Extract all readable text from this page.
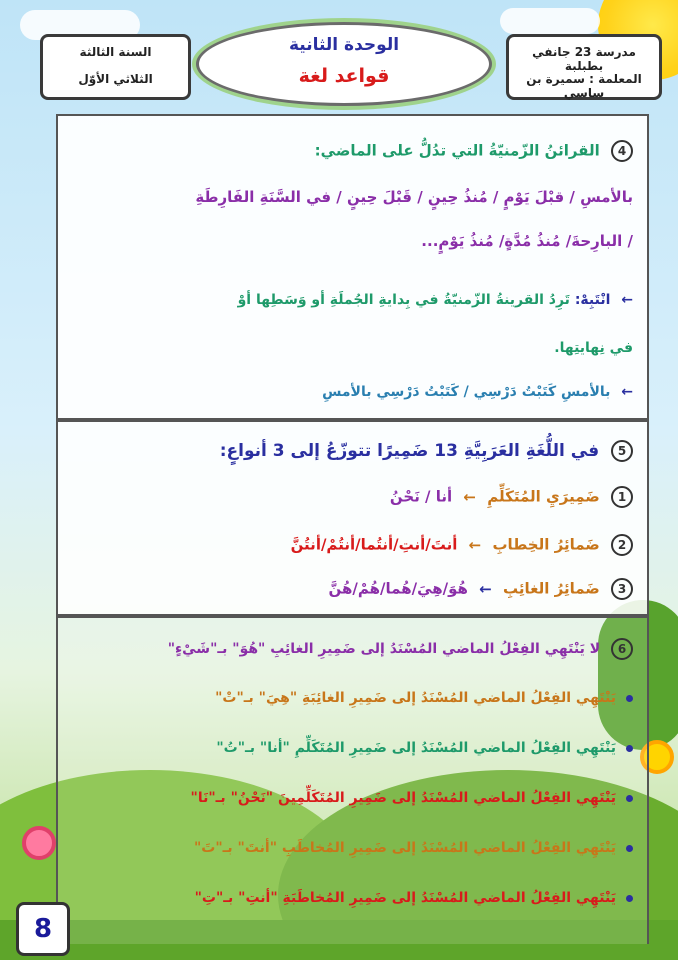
السنة الثالثة
الثلاثي الأوّل
الوحدة الثانية
قواعد لغة
مدرسة 23 جانفي بطبلبة
المعلمة : سميرة بن ساسي
4 القرائنُ الزّمنيّةُ التي تدُلُّ على الماضي:
بالأمسِ / قبْلَ يَوْمٍ / مُنذُ حِينٍ / قَبْلَ حِينٍ / في السَّنَةِ الفَارِطَةِ
/ البارِحةَ/ مُنذُ مُدَّةٍ/ مُنذُ يَوْمٍ...
← انْتَبِهْ: تَرِدُ القرينةُ الزّمنيّةُ في بِدايةِ الجُملَةِ أو وَسَطِها أوْ
في نِهايتِها.
← بالأمسِ كَتَبْتُ دَرْسِي / كَتَبْتُ دَرْسِي بالأمسِ
5 في اللُّغَةِ العَرَبِيَّةِ 13 ضَمِيرًا تتوزّعُ إلى 3 أنواعٍ:
1 ضَمِيرَيِ المُتَكَلِّمِ ← أنا / نَحْنُ
2 ضَمائِرُ الخِطابِ ← أنتَ/أنتِ/أنتُما/أنتُمْ/أنتُنَّ
3 ضَمائِرُ الغائِبِ ← هُوَ/هِيَ/هُما/هُمْ/هُنَّ
6 لا يَنْتَهِي الفِعْلُ الماضي المُسْنَدُ إلى ضَمِيرِ الغائِبِ "هُوَ" بـ"شَيْءٍ"
يَنْتَهِي الفِعْلُ الماضي المُسْنَدُ إلى ضَمِيرِ الغائِبَةِ "هِيَ" بـ"تْ"
يَنْتَهِي الفِعْلُ الماضي المُسْنَدُ إلى ضَمِيرِ المُتَكَلِّمِ "أنا" بـ"تُ"
يَنْتَهِي الفِعْلُ الماضي المُسْنَدُ إلى ضَمِيرِ المُتَكَلِّمِينَ "نَحْنُ" بـ"نَا"
يَنْتَهِي الفِعْلُ الماضي المُسْنَدُ إلى ضَمِيرِ المُخاطَبِ "أنتَ" بـ"تَ"
يَنْتَهِي الفِعْلُ الماضي المُسْنَدُ إلى ضَمِيرِ المُخاطَبَةِ "أنتِ" بـ"تِ"
8
